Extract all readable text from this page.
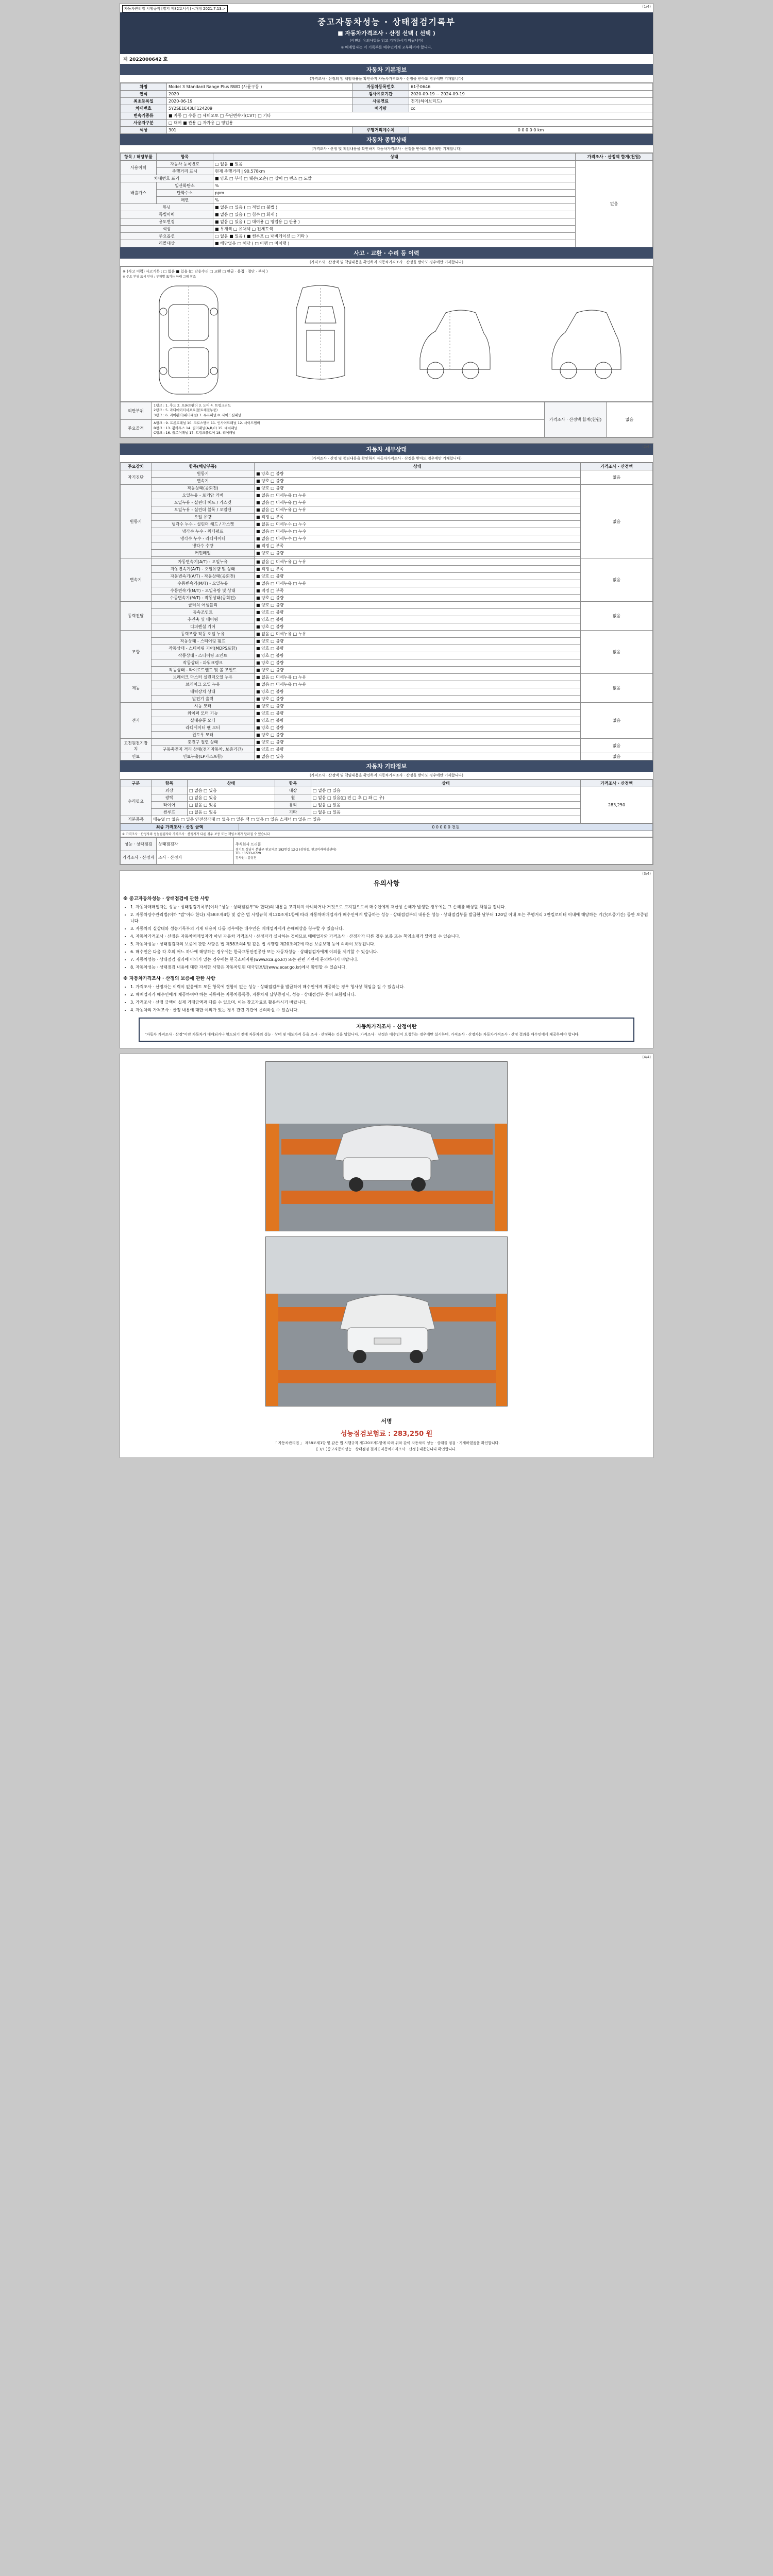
(1/4)
자동차관리법 시행규칙 [별지 제82호서식] <개정 2021.7.13.>
중고자동차성능 · 상태점검기록부
■ 자동차가격조사 · 산정 선택 ( 선택 )
(이면의 유의사항을 읽고 기재하시기 바랍니다)
※ 매매업자는 이 기록부를 매수인에게 교부하여야 합니다.
제 2022000642 호
자동차 기본정보
(가격조사 · 산정의 및 책임내용을 확인하지 자동차가격조사 · 산정을 받아도 경우에만 기재합니다)
차명	Model 3 Standard Range Plus RWD (사륜구동 )	자동차등록번호	61주0646
연식	2020	검사유효기간	2020-09-19 ~ 2024-09-19
최초등록일	2020-06-19	사용연료	전기(하이브리드)
차대번호	5Y2SE1E43LF124209	배기량	cc
변속기종류	■ 자동 □ 수동 □ 세미오토 □ 무단변속기(CVT) □ 기타		
사용자구분	□ 대여 ■ 관용 □ 자가용 □ 영업용		
색상	301	주행거리계수치	0 0 0 0 0 km
자동차 종합상태
(가격조사 · 산정 및 책임내용을 확인하지 자동차가격조사 · 산정을 받아도 경우에만 기재합니다)
항목 / 해당부품	항목	상태	가격조사 · 산정액 합계(천원)
사용이력	자동차 등록번호	□ 없음 ■ 있음	없음
	주행거리 표시	현재 주행거리 | 90,578km	
차대번호 표기		■ 양호 □ 부식 □ 훼손(오손) □ 상이 □ 변조 □ 도말	
배출가스	일산화탄소	%	
	탄화수소	ppm	
	매연	%	
튜닝		■ 없음 □ 있음 ( □ 적법 □ 불법 )	
특별이력		■ 없음 □ 있음 ( □ 침수 □ 화재 )	
용도변경		■ 없음 □ 있음 ( □ 대여용 □ 영업용 □ 관용 )	
색상		■ 무채색 □ 유채색 □ 전체도색	
주요옵션		□ 없음 ■ 있음 ( ■ 썬루프 □ 내비게이션 □ 기타 )	
리콜대상		■ 해당없음 □ 해당 ( □ 이행 □ 미이행 )	
사고 · 교환 · 수리 등 이력
(가격조사 · 산정액 및 책임내용을 확인하지 자동차가격조사 · 산정을 받아도 경우에만 기재합니다)
※ (사고 이력) 사고기록 : □ 없음 ■ 있음 (□ 단순수리 □ 교환 □ 판금 · 용접 · 절단 · 부식 )
※ 주요 부위 표시 안내 : 부위별 표기는 아래 그림 참조
외판부위	1랭크 : 1. 후드 2. 프론트휀더 3. 도어 4. 트렁크리드
2랭크 : 5. 라디에이터서포트(볼트체결부품)
3랭크 : 6. 리어휀더(쿼터패널) 7. 루프패널 8. 사이드실패널	가격조사 · 산정액 합계(천원)	없음
주요골격	A랭크 : 9. 프론트패널 10. 크로스멤버 11. 인사이드패널 12. 사이드멤버
B랭크 : 13. 휠하우스 14. 필러패널(A,B,C) 15. 대쉬패널
C랭크 : 16. 플로어패널 17. 트렁크플로어 18. 리어패널		
(2/4)
자동차 세부상태
(가격조사 · 산정 및 책임내용을 확인하지 자동차가격조사 · 산정을 받아도 경우에만 기재합니다)
주요장치	항목(해당부품)	상태	가격조사 · 산정액
자기진단	원동기	■ 양호 □ 불량	없음
	변속기	■ 양호 □ 불량	
원동기	작동상태(공회전)	■ 양호 □ 불량	없음
	오일누유 - 로커암 커버	■ 없음 □ 미세누유 □ 누유	
	오일누유 - 실린더 헤드 / 가스켓	■ 없음 □ 미세누유 □ 누유	
	오일누유 - 실린더 블록 / 오일팬	■ 없음 □ 미세누유 □ 누유	
	오일 유량	■ 적정 □ 부족	
	냉각수 누수 - 실린더 헤드 / 가스켓	■ 없음 □ 미세누수 □ 누수	
	냉각수 누수 - 워터펌프	■ 없음 □ 미세누수 □ 누수	
	냉각수 누수 - 라디에이터	■ 없음 □ 미세누수 □ 누수	
	냉각수 수량	■ 적정 □ 부족	
	커먼레일	■ 양호 □ 불량	

변속기	자동변속기(A/T) - 오일누유	■ 없음 □ 미세누유 □ 누유	없음
	자동변속기(A/T) - 오일유량 및 상태	■ 적정 □ 부족	
	자동변속기(A/T) - 작동상태(공회전)	■ 양호 □ 불량	
	수동변속기(M/T) - 오일누유	■ 없음 □ 미세누유 □ 누유	
	수동변속기(M/T) - 오일유량 및 상태	■ 적정 □ 부족	
	수동변속기(M/T) - 작동상태(공회전)	■ 양호 □ 불량	
동력전달	클러치 어셈블리	■ 양호 □ 불량	없음
	등속조인트	■ 양호 □ 불량	
	추진축 및 베어링	■ 양호 □ 불량	
	디퍼렌셜 기어	■ 양호 □ 불량	
조향	동력조향 작동 오일 누유	■ 없음 □ 미세누유 □ 누유	없음
	작동상태 - 스티어링 펌프	■ 양호 □ 불량	
	작동상태 - 스티어링 기어(MDPS포함)	■ 양호 □ 불량	
	작동상태 - 스티어링 조인트	■ 양호 □ 불량	
	작동상태 - 파워크랭크	■ 양호 □ 불량	
	작동상태 - 타이로드엔드 및 볼 조인트	■ 양호 □ 불량	
제동	브레이크 마스터 실린더오일 누유	■ 없음 □ 미세누유 □ 누유	없음
	브레이크 오일 누유	■ 없음 □ 미세누유 □ 누유	
	배력장치 상태	■ 양호 □ 불량	
	발전기 출력	■ 양호 □ 불량	
전기	시동 모터	■ 양호 □ 불량	없음
	와이퍼 모터 기능	■ 양호 □ 불량	
	실내송풍 모터	■ 양호 □ 불량	
	라디에이터 팬 모터	■ 양호 □ 불량	
	윈도우 모터	■ 양호 □ 불량	
고전원전기장치	충전구 절연 상태	■ 양호 □ 불량	없음
	구동축전지 격리 상태(전기자동차, 보증기간)	■ 양호 □ 불량	
연료	연료누출(LP가스포함)	■ 없음 □ 있음	없음
자동차 기타정보
(가격조사 · 산정액 및 책임내용을 확인하지 자동차가격조사 · 산정을 받아도 경우에만 기재합니다)
구분	항목	상태	항목	상태	가격조사 · 산정액
수리필요	외장	□ 없음 □ 있음	내장	□ 없음 □ 있음	283,250
	광택	□ 없음 □ 있음	휠	□ 없음 □ 있음(□ 전 □ 후 □ 좌 □ 우)	
	타이어	□ 없음 □ 있음	유리	□ 없음 □ 있음	
	썬루프	□ 없음 □ 있음	기타	□ 없음 □ 있음	
기본품목	매뉴얼 □ 없음 □ 있음 안전삼각대 □ 없음 □ 있음 잭 □ 없음 □ 있음 스패너 □ 없음 □ 있음				
최종 가격조사 · 산정 금액	0 0 0 0 0 천원
※ 가격조사 · 산정자의 성능점검자와 가격조사 · 산정자가 다른 경우 보증 또는 책임소재가 달라질 수 있습니다
성능 · 상태점검	상태점검자	주식회사 프리플
경기도 성남시 분당구 판교역로 192번길 12-2 (삼평동, 판교미래에셋센터)
TEL : 1533-0729
검사원 : 김성진

가격조사 · 산정자	조사 · 산정자	
(3/4)
유의사항
※ 중고자동차성능 · 상태점검에 관한 사항
• 1. 자동차매매업자는 성능 · 상태점검기록부(이하 "성능 · 상태점검부"라 한다)의 내용을 고지하지 아니하거나 거짓으로 고지될으로써 매수인에게 재산상 손해가 발생한 경우에는 그 손해를 배상할 책임을 집니다.
• 2. 자동차양수관리법(이하 "법"이라 한다) 제58조제4항 및 같은 법 시행규칙 제120조제1항에 따라 자동차매매업자가 매수인에게 발급하는 성능 · 상태점검부의 내용은 성능 · 상태점검부를 발급한 날부터 120일 이내 또는 주행거리 2만킬로미터 이내에 해당하는 기간(보증기간) 동안 보증됩니다.
• 3. 자동차의 실상태와 성능기록부의 기재 내용이 다를 경우에는 매수인은 매매업자에게 손해배상을 청구할 수 있습니다.
• 4. 자동차가격조사 · 산정은 자동차매매업자가 아닌 자동차 가격조사 · 산정자가 실시하는 것이므로 매매업자와 가격조사 · 산정자가 다른 경우 보증 또는 책임소재가 달라질 수 있습니다.
• 5. 자동차성능 · 상태점검자의 보증에 관한 사항은 법 제58조의4 및 같은 법 시행령 제20조의2에 따른 보증보험 등에 의하여 보장됩니다.
• 6. 매수인은 다음 각 호의 어느 하나에 해당하는 경우에는 한국교통안전공단 또는 자동차성능 · 상태점검자에게 이의를 제기할 수 있습니다.
• 7. 자동차성능 · 상태점검 결과에 이의가 있는 경우에는 한국소비자원(www.kca.go.kr) 또는 관련 기관에 문의하시기 바랍니다.
• 8. 자동차성능 · 상태점검 내용에 대한 자세한 사항은 자동차민원 대국민포털(www.ecar.go.kr)에서 확인할 수 있습니다.
※ 자동차가격조사 · 산정의 보증에 관한 사항
• 1. 가격조사 · 산정자는 이력이 없음에도 모든 항목에 결함이 없는 성능 · 상태점검부를 발급하여 매수인에게 제공하는 경우 형사상 책임을 질 수 있습니다.
• 2. 매매업자가 매수인에게 제공하여야 하는 서류에는 자동차등록증, 자동차세 납부증명서, 성능 · 상태점검부 등이 포함됩니다.
• 3. 가격조사 · 산정 금액이 실제 거래금액과 다를 수 있으며, 이는 참고자료로 활용하시기 바랍니다.
• 4. 자동차의 가격조사 · 산정 내용에 대한 이의가 있는 경우 관련 기관에 문의하실 수 있습니다.
자동차가격조사 · 산정이란
"자동차 가격조사 · 산정"이란 자동차가 매매되거나 양도되기 전에 자동차의 성능 · 상태 및 매도가격 등을 조사 · 산정하는 것을 말합니다. 가격조사 · 산정은 매수인이 요청하는 경우에만 실시하며, 가격조사 · 산정자는 자동차가격조사 · 산정 결과를 매수인에게 제공하여야 합니다.
(4/4)
서명
성능점검보험료 : 283,250 원
「 자동차관리법 」 제58조제1항 및 같은 법 시행규칙 제120조제1항에 따라 위와 같이 자동차의 성능 · 상태를 점검 · 기재하였음을 확인합니다.
[ 1/1 ]중고자동차성능 · 상태점검 결과 [ 자동차가격조사 · 산정 ] 내용입니다 확인합니다.
